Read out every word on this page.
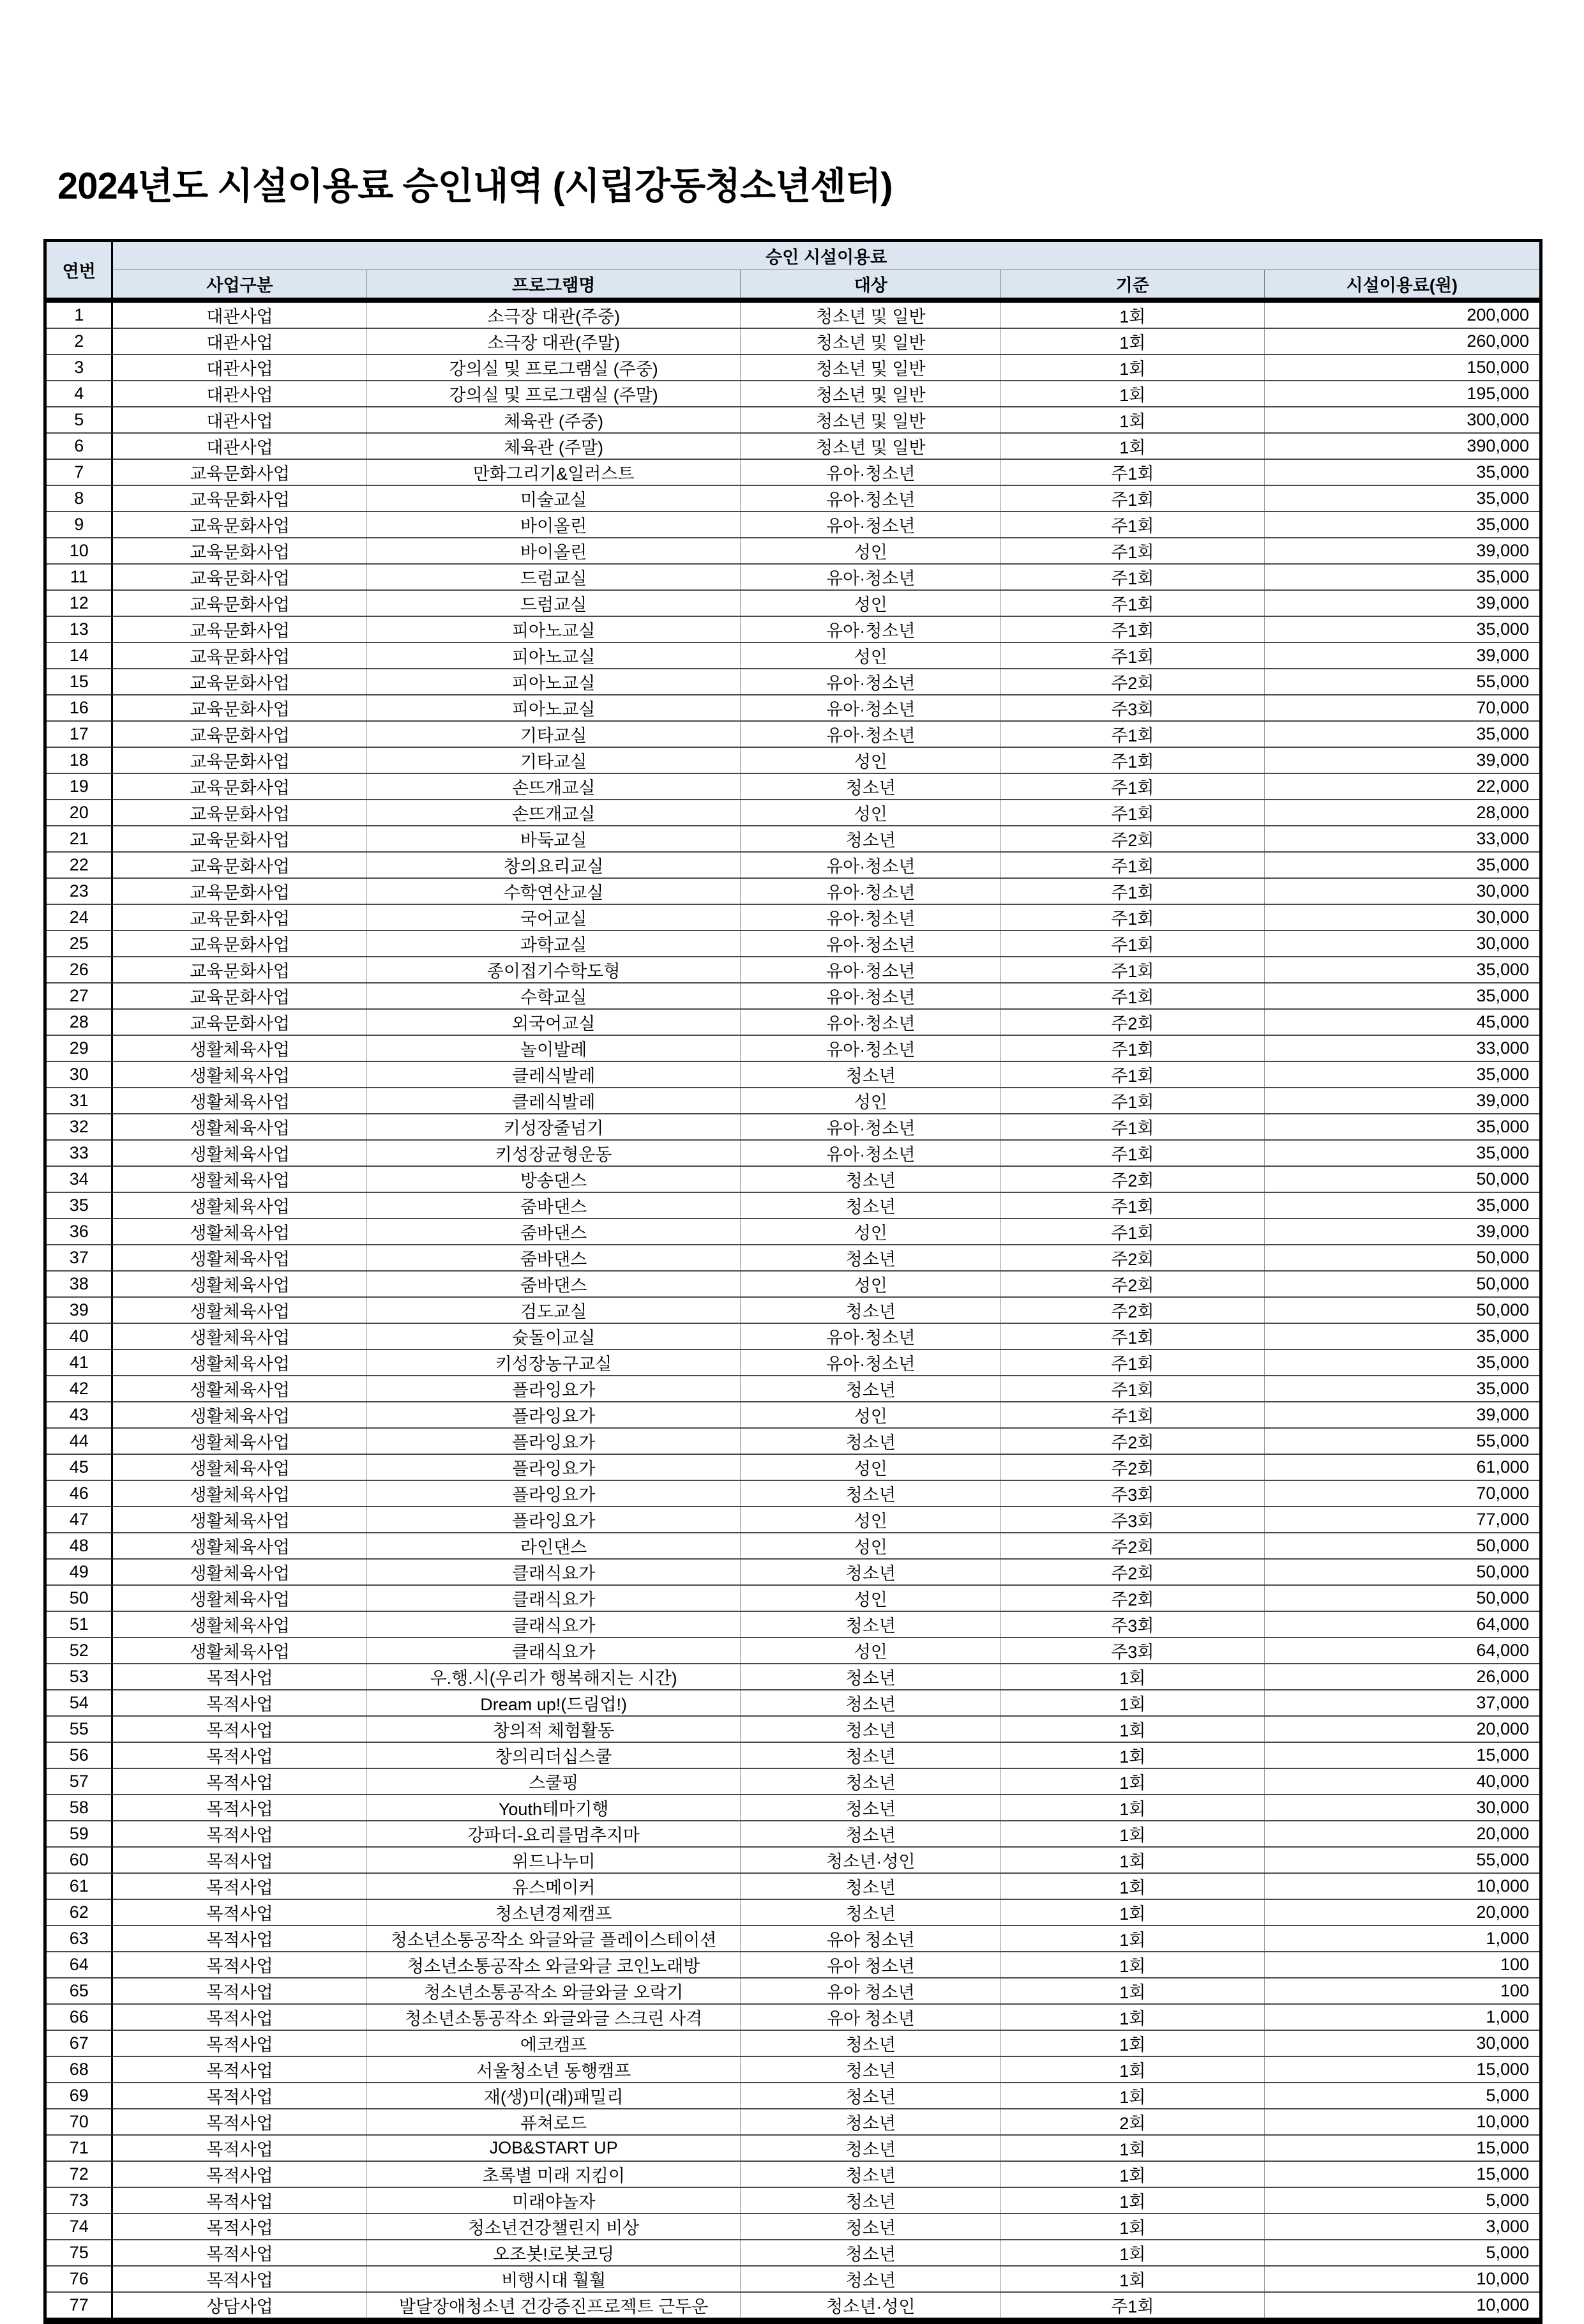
2024년도 시설이용료 승인내역 (시립강동청소년센터)
연번	승인 시설이용료				
	사업구분	프로그램명	대상	기준	시설이용료(원)
1	대관사업	소극장 대관(주중)	청소년 및 일반	1회	200,000
2	대관사업	소극장 대관(주말)	청소년 및 일반	1회	260,000
3	대관사업	강의실 및 프로그램실 (주중)	청소년 및 일반	1회	150,000
4	대관사업	강의실 및 프로그램실 (주말)	청소년 및 일반	1회	195,000
5	대관사업	체육관 (주중)	청소년 및 일반	1회	300,000
6	대관사업	체육관 (주말)	청소년 및 일반	1회	390,000
7	교육문화사업	만화그리기&일러스트	유아·청소년	주1회	35,000
8	교육문화사업	미술교실	유아·청소년	주1회	35,000
9	교육문화사업	바이올린	유아·청소년	주1회	35,000
10	교육문화사업	바이올린	성인	주1회	39,000
11	교육문화사업	드럼교실	유아·청소년	주1회	35,000
12	교육문화사업	드럼교실	성인	주1회	39,000
13	교육문화사업	피아노교실	유아·청소년	주1회	35,000
14	교육문화사업	피아노교실	성인	주1회	39,000
15	교육문화사업	피아노교실	유아·청소년	주2회	55,000
16	교육문화사업	피아노교실	유아·청소년	주3회	70,000
17	교육문화사업	기타교실	유아·청소년	주1회	35,000
18	교육문화사업	기타교실	성인	주1회	39,000
19	교육문화사업	손뜨개교실	청소년	주1회	22,000
20	교육문화사업	손뜨개교실	성인	주1회	28,000
21	교육문화사업	바둑교실	청소년	주2회	33,000
22	교육문화사업	창의요리교실	유아·청소년	주1회	35,000
23	교육문화사업	수학연산교실	유아·청소년	주1회	30,000
24	교육문화사업	국어교실	유아·청소년	주1회	30,000
25	교육문화사업	과학교실	유아·청소년	주1회	30,000
26	교육문화사업	종이접기수학도형	유아·청소년	주1회	35,000
27	교육문화사업	수학교실	유아·청소년	주1회	35,000
28	교육문화사업	외국어교실	유아·청소년	주2회	45,000
29	생활체육사업	놀이발레	유아·청소년	주1회	33,000
30	생활체육사업	클레식발레	청소년	주1회	35,000
31	생활체육사업	클레식발레	성인	주1회	39,000
32	생활체육사업	키성장줄넘기	유아·청소년	주1회	35,000
33	생활체육사업	키성장균형운동	유아·청소년	주1회	35,000
34	생활체육사업	방송댄스	청소년	주2회	50,000
35	생활체육사업	줌바댄스	청소년	주1회	35,000
36	생활체육사업	줌바댄스	성인	주1회	39,000
37	생활체육사업	줌바댄스	청소년	주2회	50,000
38	생활체육사업	줌바댄스	성인	주2회	50,000
39	생활체육사업	검도교실	청소년	주2회	50,000
40	생활체육사업	슛돌이교실	유아·청소년	주1회	35,000
41	생활체육사업	키성장농구교실	유아·청소년	주1회	35,000
42	생활체육사업	플라잉요가	청소년	주1회	35,000
43	생활체육사업	플라잉요가	성인	주1회	39,000
44	생활체육사업	플라잉요가	청소년	주2회	55,000
45	생활체육사업	플라잉요가	성인	주2회	61,000
46	생활체육사업	플라잉요가	청소년	주3회	70,000
47	생활체육사업	플라잉요가	성인	주3회	77,000
48	생활체육사업	라인댄스	성인	주2회	50,000
49	생활체육사업	클래식요가	청소년	주2회	50,000
50	생활체육사업	클래식요가	성인	주2회	50,000
51	생활체육사업	클래식요가	청소년	주3회	64,000
52	생활체육사업	클래식요가	성인	주3회	64,000
53	목적사업	우.행.시(우리가 행복해지는 시간)	청소년	1회	26,000
54	목적사업	Dream up!(드림업!)	청소년	1회	37,000
55	목적사업	창의적 체험활동	청소년	1회	20,000
56	목적사업	창의리더십스쿨	청소년	1회	15,000
57	목적사업	스쿨핑	청소년	1회	40,000
58	목적사업	Youth테마기행	청소년	1회	30,000
59	목적사업	강파더-요리를멈추지마	청소년	1회	20,000
60	목적사업	위드나누미	청소년·성인	1회	55,000
61	목적사업	유스메이커	청소년	1회	10,000
62	목적사업	청소년경제캠프	청소년	1회	20,000
63	목적사업	청소년소통공작소 와글와글 플레이스테이션	유아 청소년	1회	1,000
64	목적사업	청소년소통공작소 와글와글 코인노래방	유아 청소년	1회	100
65	목적사업	청소년소통공작소 와글와글 오락기	유아 청소년	1회	100
66	목적사업	청소년소통공작소 와글와글 스크린 사격	유아 청소년	1회	1,000
67	목적사업	에코캠프	청소년	1회	30,000
68	목적사업	서울청소년 동행캠프	청소년	1회	15,000
69	목적사업	재(생)미(래)패밀리	청소년	1회	5,000
70	목적사업	퓨쳐로드	청소년	2회	10,000
71	목적사업	JOB&START UP	청소년	1회	15,000
72	목적사업	초록별 미래 지킴이	청소년	1회	15,000
73	목적사업	미래야놀자	청소년	1회	5,000
74	목적사업	청소년건강챌린지 비상	청소년	1회	3,000
75	목적사업	오조봇!로봇코딩	청소년	1회	5,000
76	목적사업	비행시대 훨훨	청소년	1회	10,000
77	상담사업	발달장애청소년 건강증진프로젝트 근두운	청소년·성인	주1회	10,000
